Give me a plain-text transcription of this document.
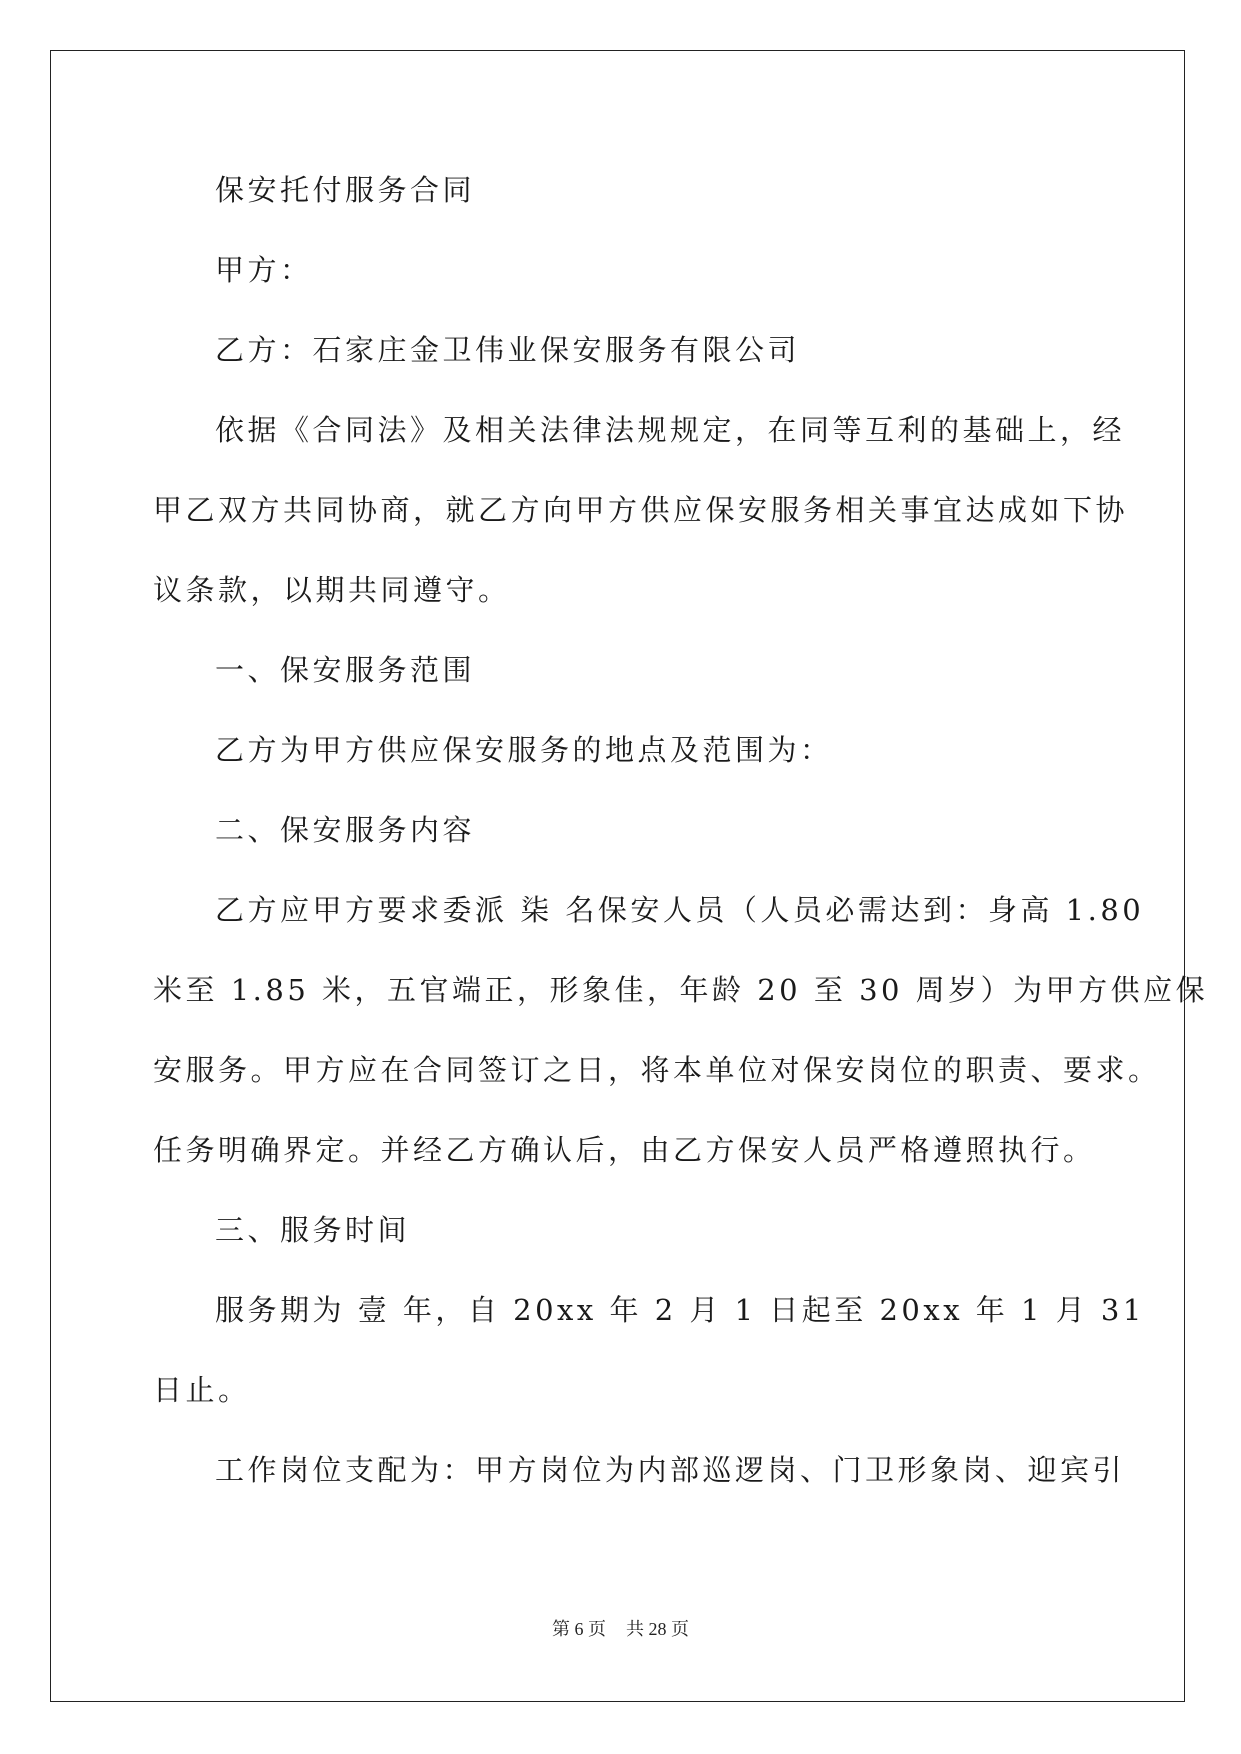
保安托付服务合同
甲方：
乙方：石家庄金卫伟业保安服务有限公司
依据《合同法》及相关法律法规规定，在同等互利的基础上，经
甲乙双方共同协商，就乙方向甲方供应保安服务相关事宜达成如下协
议条款，以期共同遵守。
一、保安服务范围
乙方为甲方供应保安服务的地点及范围为：
二、保安服务内容
乙方应甲方要求委派 柒 名保安人员（人员必需达到：身高 1.80
米至 1.85 米，五官端正，形象佳，年龄 20 至 30 周岁）为甲方供应保
安服务。甲方应在合同签订之日，将本单位对保安岗位的职责、要求。
任务明确界定。并经乙方确认后，由乙方保安人员严格遵照执行。
三、服务时间
服务期为 壹 年，自 20xx 年 2 月 1 日起至 20xx 年 1 月 31
日止。
工作岗位支配为：甲方岗位为内部巡逻岗、门卫形象岗、迎宾引
第 6 页 共 28 页
